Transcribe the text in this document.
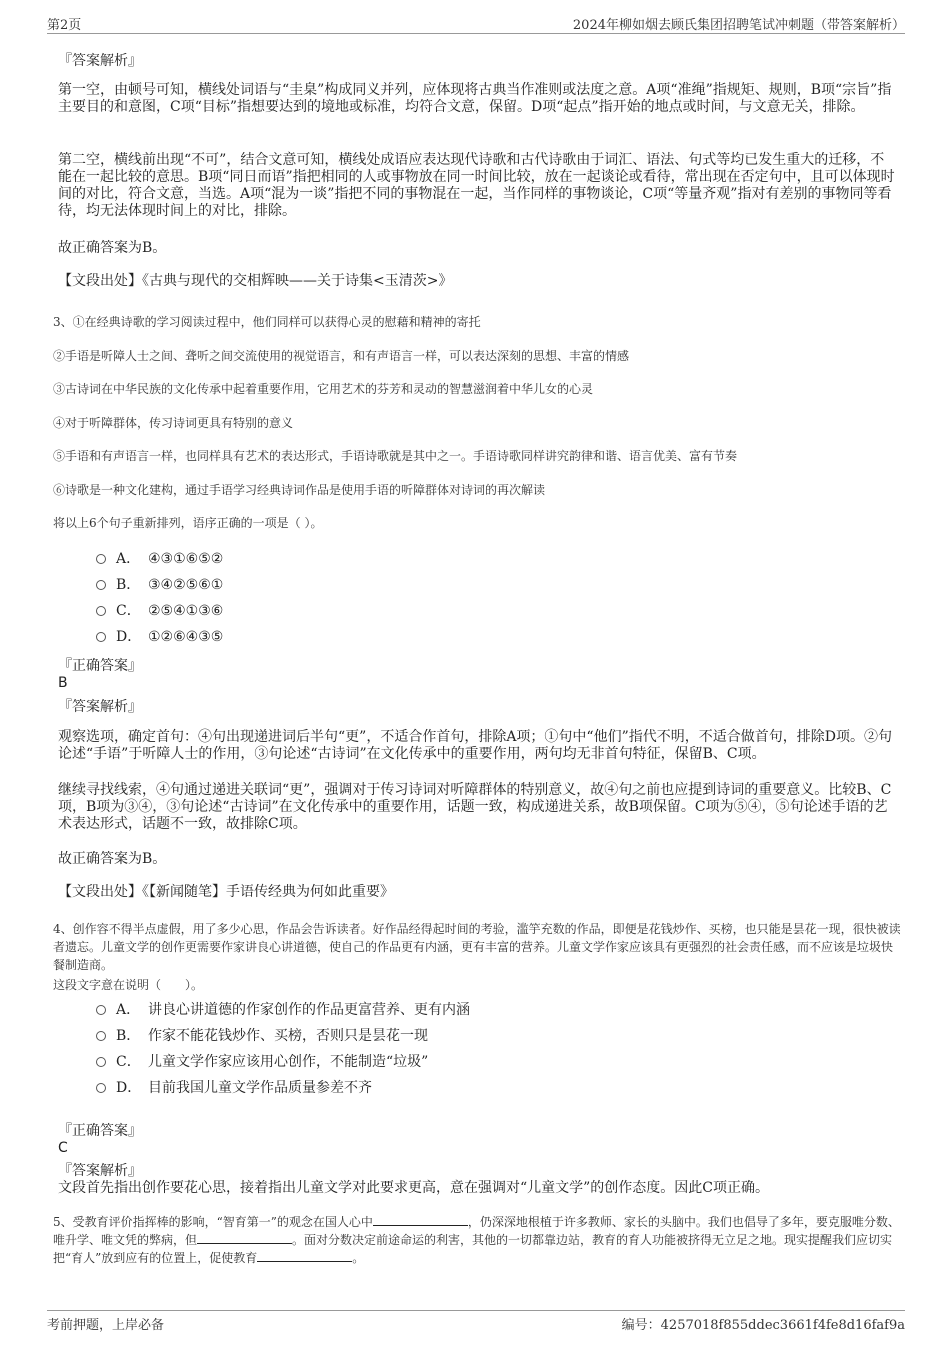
第2页	2024年柳如烟去顾氏集团招聘笔试冲刺题（带答案解析）
『答案解析』
第一空，由顿号可知，横线处词语与“圭臬”构成同义并列，应体现将古典当作准则或法度之意。A项“准绳”指规矩、规则，B项“宗旨”指主要目的和意图，C项“目标”指想要达到的境地或标准，均符合文意，保留。D项“起点”指开始的地点或时间，与文意无关，排除。
第二空，横线前出现“不可”，结合文意可知，横线处成语应表达现代诗歌和古代诗歌由于词汇、语法、句式等均已发生重大的迁移，不能在一起比较的意思。B项“同日而语”指把相同的人或事物放在同一时间比较，放在一起谈论或看待，常出现在否定句中，且可以体现时间的对比，符合文意，当选。A项“混为一谈”指把不同的事物混在一起，当作同样的事物谈论，C项“等量齐观”指对有差别的事物同等看待，均无法体现时间上的对比，排除。
故正确答案为B。
【文段出处】《古典与现代的交相辉映——关于诗集<玉清茨>》
3、①在经典诗歌的学习阅读过程中，他们同样可以获得心灵的慰藉和精神的寄托
②手语是听障人士之间、聋听之间交流使用的视觉语言，和有声语言一样，可以表达深刻的思想、丰富的情感
③古诗词在中华民族的文化传承中起着重要作用，它用艺术的芬芳和灵动的智慧滋润着中华儿女的心灵
④对于听障群体，传习诗词更具有特别的意义
⑤手语和有声语言一样，也同样具有艺术的表达形式，手语诗歌就是其中之一。手语诗歌同样讲究韵律和谐、语言优美、富有节奏
⑥诗歌是一种文化建构，通过手语学习经典诗词作品是使用手语的听障群体对诗词的再次解读
将以上6个句子重新排列，语序正确的一项是（ ）。
A． ④③①⑥⑤②
B． ③④②⑤⑥①
C． ②⑤④①③⑥
D． ①②⑥④③⑤
『正确答案』
B
『答案解析』
观察选项，确定首句：④句出现递进词后半句“更”，不适合作首句，排除A项；①句中“他们”指代不明，不适合做首句，排除D项。②句论述“手语”于听障人士的作用，③句论述“古诗词”在文化传承中的重要作用，两句均无非首句特征，保留B、C项。
继续寻找线索，④句通过递进关联词“更”，强调对于传习诗词对听障群体的特别意义，故④句之前也应提到诗词的重要意义。比较B、C项，B项为③④，③句论述“古诗词”在文化传承中的重要作用，话题一致，构成递进关系，故B项保留。C项为⑤④，⑤句论述手语的艺术表达形式，话题不一致，故排除C项。
故正确答案为B。
【文段出处】《【新闻随笔】手语传经典为何如此重要》
4、创作容不得半点虚假，用了多少心思，作品会告诉读者。好作品经得起时间的考验，滥竽充数的作品，即便是花钱炒作、买榜，也只能是昙花一现，很快被读者遗忘。儿童文学的创作更需要作家讲良心讲道德，使自己的作品更有内涵，更有丰富的营养。儿童文学作家应该具有更强烈的社会责任感，而不应该是垃圾快餐制造商。
这段文字意在说明（　　）。
A． 讲良心讲道德的作家创作的作品更富营养、更有内涵
B． 作家不能花钱炒作、买榜，否则只是昙花一现
C． 儿童文学作家应该用心创作，不能制造“垃圾”
D． 目前我国儿童文学作品质量参差不齐
『正确答案』
C
『答案解析』
文段首先指出创作要花心思，接着指出儿童文学对此要求更高，意在强调对“儿童文学”的创作态度。因此C项正确。
5、受教育评价指挥棒的影响，“智育第一”的观念在国人心中	，仍深深地根植于许多教师、家长的头脑中。我们也倡导了多年，要克服唯分数、唯升学、唯文凭的弊病，但	。面对分数决定前途命运的利害，其他的一切都靠边站，教育的育人功能被挤得无立足之地。现实提醒我们应切实把“育人”放到应有的位置上，促使教育	。
考前押题，上岸必备	编号：4257018f855ddec3661f4fe8d16faf9a
